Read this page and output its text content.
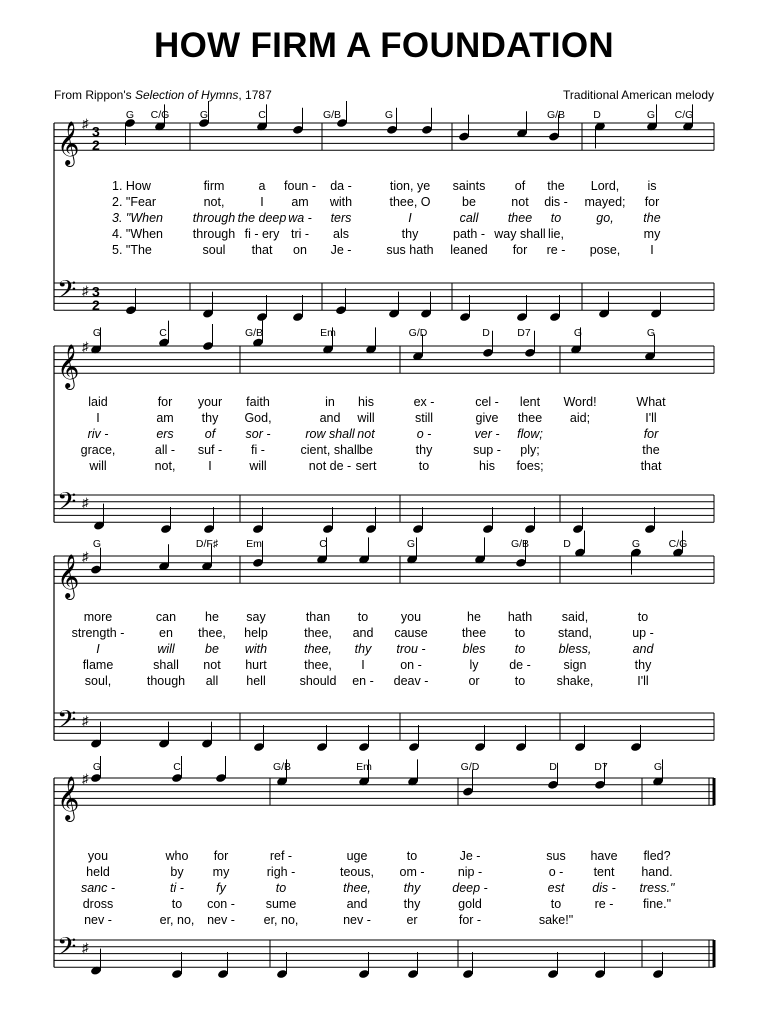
HOW FIRM A FOUNDATION
From Rippon's Selection of Hymns, 1787	Traditional American melody
𝄞
𝄢
♯
♯
3
2
3
2
G C/G	G	C	G/B	G	G/B	D	G C/G
1. How	firm	a foun - da -	tion, ye saints of the Lord, is
2. "Fear	not,	I am with	thee, O	be	not dis - mayed; for
3. "When through the deep wa - ters	I	call thee to	go, the
4. "When through fi - ery tri - als	thy	path - way shall lie,	my
5. "The	soul that on Je -	sus hath leaned for re - pose, I
𝄞
𝄢
♯
♯
G	C	G/B	Em	G/D	D	D7	G	G
laid	for your faith	in his	ex -	cel - lent Word!	What
I	am thy God,	and will	still	give thee aid;	I'll
riv -	ers of sor -	row shall not	o -	ver - flow;	for
grace,	all - suf - fi -	cient, shall be	thy	sup - ply;	the
will	not,	I	will	not de - sert	to	his foes;	that
𝄞
𝄢
♯
♯
G	D/F♯	Em	C	G	G/B	D	G	C/G
more	can he say	than to	you	he hath said,	to
strength -	en thee, help	thee, and cause	thee to	stand,	up -
I	will be with	thee, thy trou -	bles to	bless,	and
flame	shall not hurt	thee, I	on -	ly de -	sign	thy
soul,	though all hell	should en - deav -	or	to	shake,	I'll
𝄞
𝄢
♯
♯
G	C	G/B	Em	G/D	D	D7	G
you	who for	ref -	uge	to	Je -	sus have fled?
held	by my	righ -	teous, om -	nip -	o - tent hand.
sanc -	ti -	fy	to	thee,	thy	deep -	est dis - tress."
dross	to con - sume	and	thy	gold	to	re - fine."
nev -	er, no, nev - er, no,	nev -	er	for -	sake!"
